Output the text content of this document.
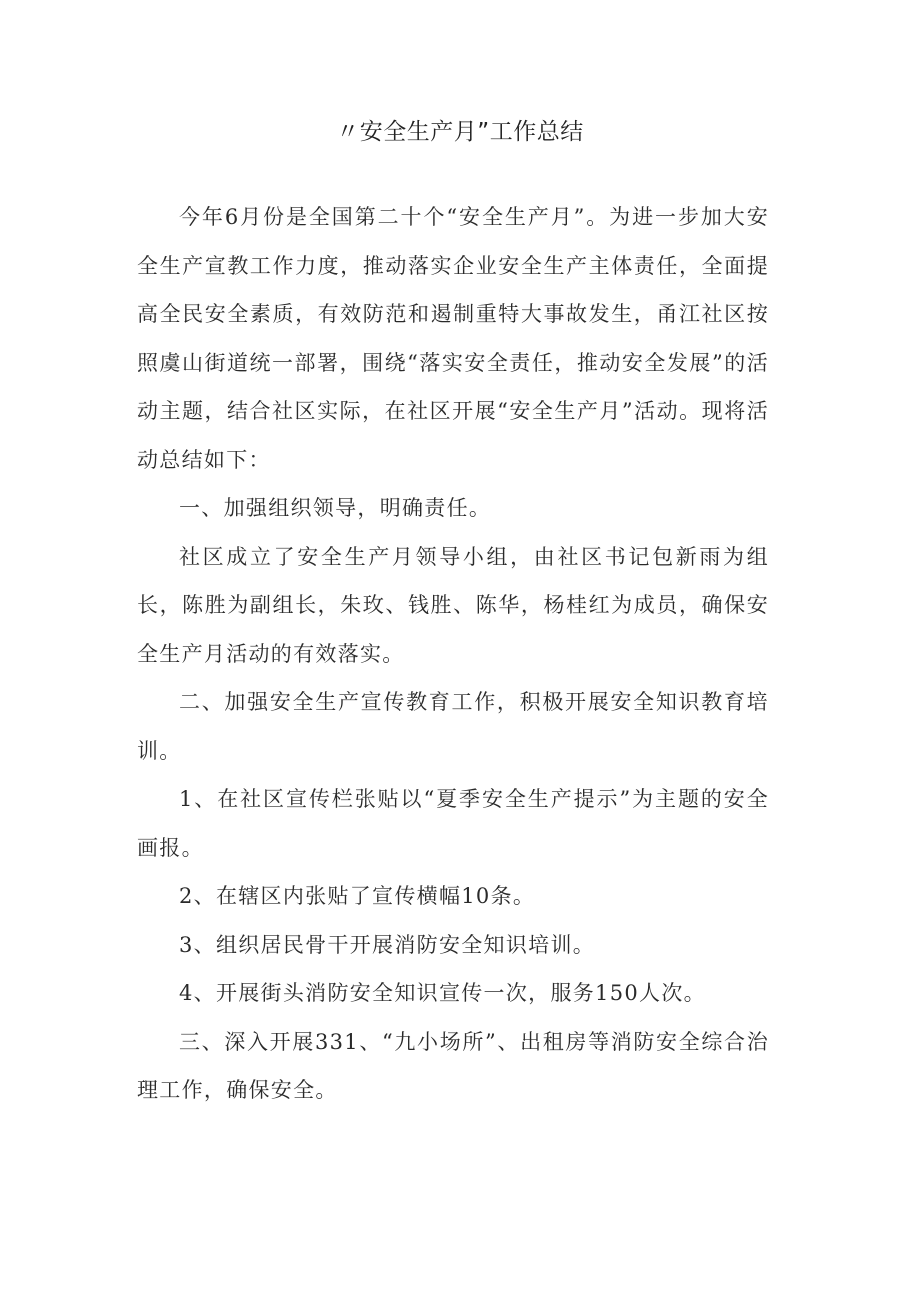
〃安全生产月”工作总结

今年6月份是全国第二十个“安全生产月”。为进一步加大安全生产宣教工作力度，推动落实企业安全生产主体责任，全面提高全民安全素质，有效防范和遏制重特大事故发生，甬江社区按照虞山街道统一部署，围绕“落实安全责任，推动安全发展”的活动主题，结合社区实际，在社区开展“安全生产月”活动。现将活动总结如下：

一、加强组织领导，明确责任。

社区成立了安全生产月领导小组，由社区书记包新雨为组长，陈胜为副组长，朱玫、钱胜、陈华，杨桂红为成员，确保安全生产月活动的有效落实。

二、加强安全生产宣传教育工作，积极开展安全知识教育培训。

1、在社区宣传栏张贴以“夏季安全生产提示”为主题的安全画报。

2、在辖区内张贴了宣传横幅10条。

3、组织居民骨干开展消防安全知识培训。

4、开展街头消防安全知识宣传一次，服务150人次。

三、深入开展331、“九小场所”、出租房等消防安全综合治理工作，确保安全。
